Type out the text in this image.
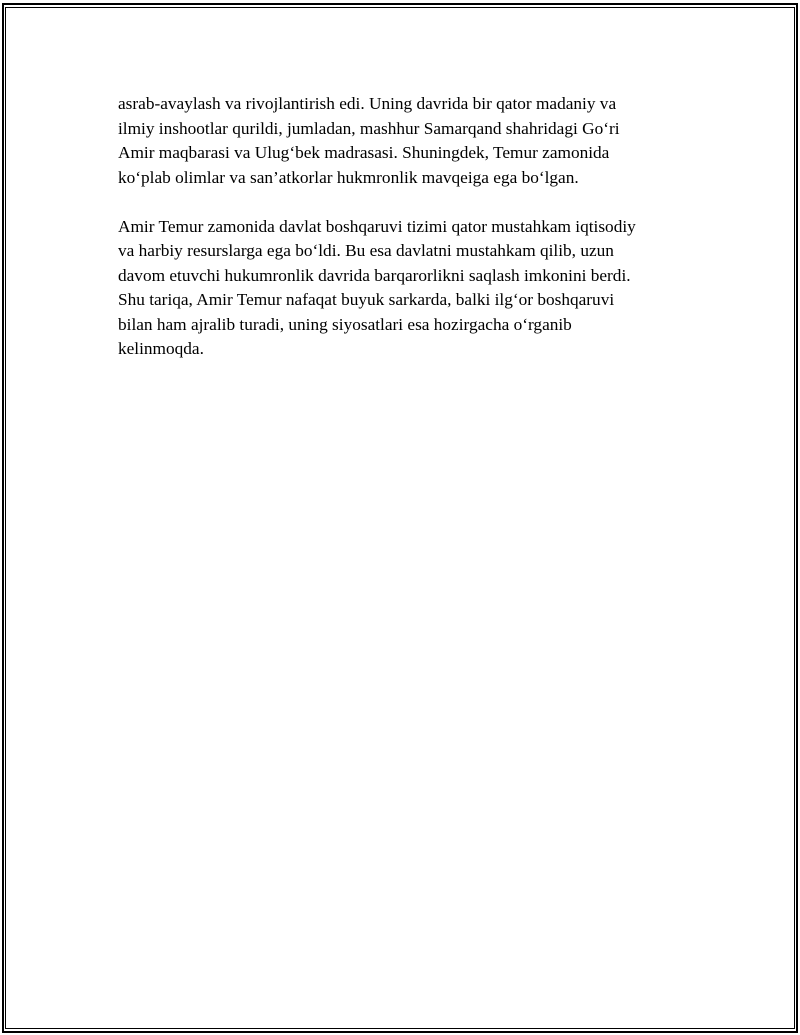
asrab-avaylash va rivojlantirish edi. Uning davrida bir qator madaniy va
ilmiy inshootlar qurildi, jumladan, mashhur Samarqand shahridagi Go‘ri
Amir maqbarasi va Ulug‘bek madrasasi. Shuningdek, Temur zamonida
ko‘plab olimlar va san’atkorlar hukmronlik mavqeiga ega bo‘lgan.

Amir Temur zamonida davlat boshqaruvi tizimi qator mustahkam iqtisodiy
va harbiy resurslarga ega bo‘ldi. Bu esa davlatni mustahkam qilib, uzun
davom etuvchi hukumronlik davrida barqarorlikni saqlash imkonini berdi.
Shu tariqa, Amir Temur nafaqat buyuk sarkarda, balki ilg‘or boshqaruvi
bilan ham ajralib turadi, uning siyosatlari esa hozirgacha o‘rganib
kelinmoqda.
